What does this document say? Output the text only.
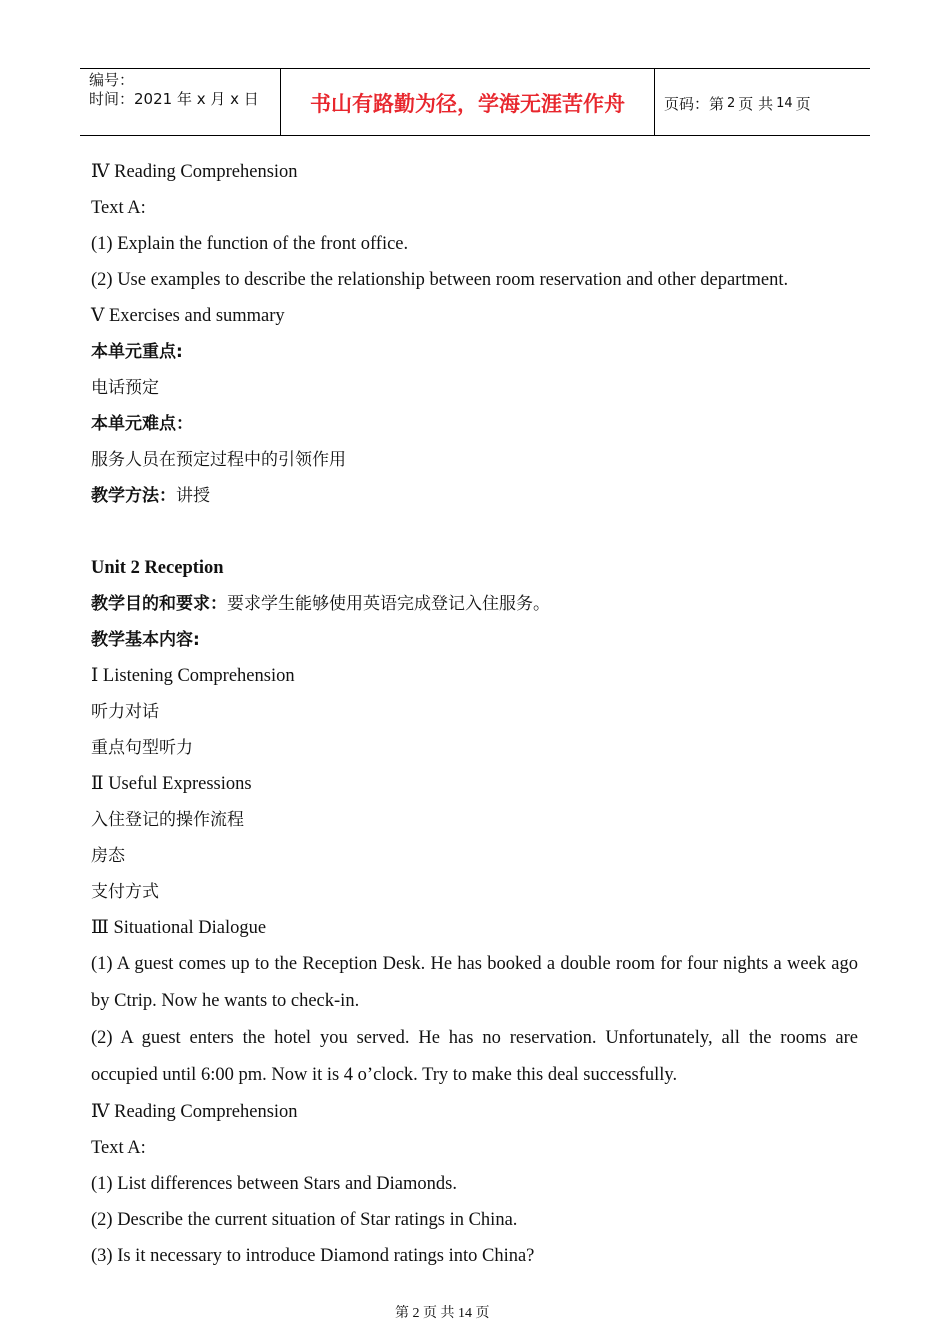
编号：
时间：2021 年 x 月 x 日	书山有路勤为径，学海无涯苦作舟	页码：第 2 页 共 14 页
Ⅳ Reading Comprehension
Text A:
(1) Explain the function of the front office.
(2) Use examples to describe the relationship between room reservation and other department.
Ⅴ Exercises and summary
本单元重点:
电话预定
本单元难点：
服务人员在预定过程中的引领作用
教学方法：讲授
Unit 2 Reception
教学目的和要求：要求学生能够使用英语完成登记入住服务。
教学基本内容:
Ⅰ Listening Comprehension
听力对话
重点句型听力
Ⅱ Useful Expressions
入住登记的操作流程
房态
支付方式
Ⅲ Situational Dialogue
(1) A guest comes up to the Reception Desk. He has booked a double room for four nights a week ago by Ctrip. Now he wants to check-in.
(2) A guest enters the hotel you served. He has no reservation. Unfortunately, all the rooms are occupied until 6:00 pm. Now it is 4 o’clock. Try to make this deal successfully.
Ⅳ Reading Comprehension
Text A:
(1) List differences between Stars and Diamonds.
(2) Describe the current situation of Star ratings in China.
(3) Is it necessary to introduce Diamond ratings into China?
第 2 页 共 14 页
